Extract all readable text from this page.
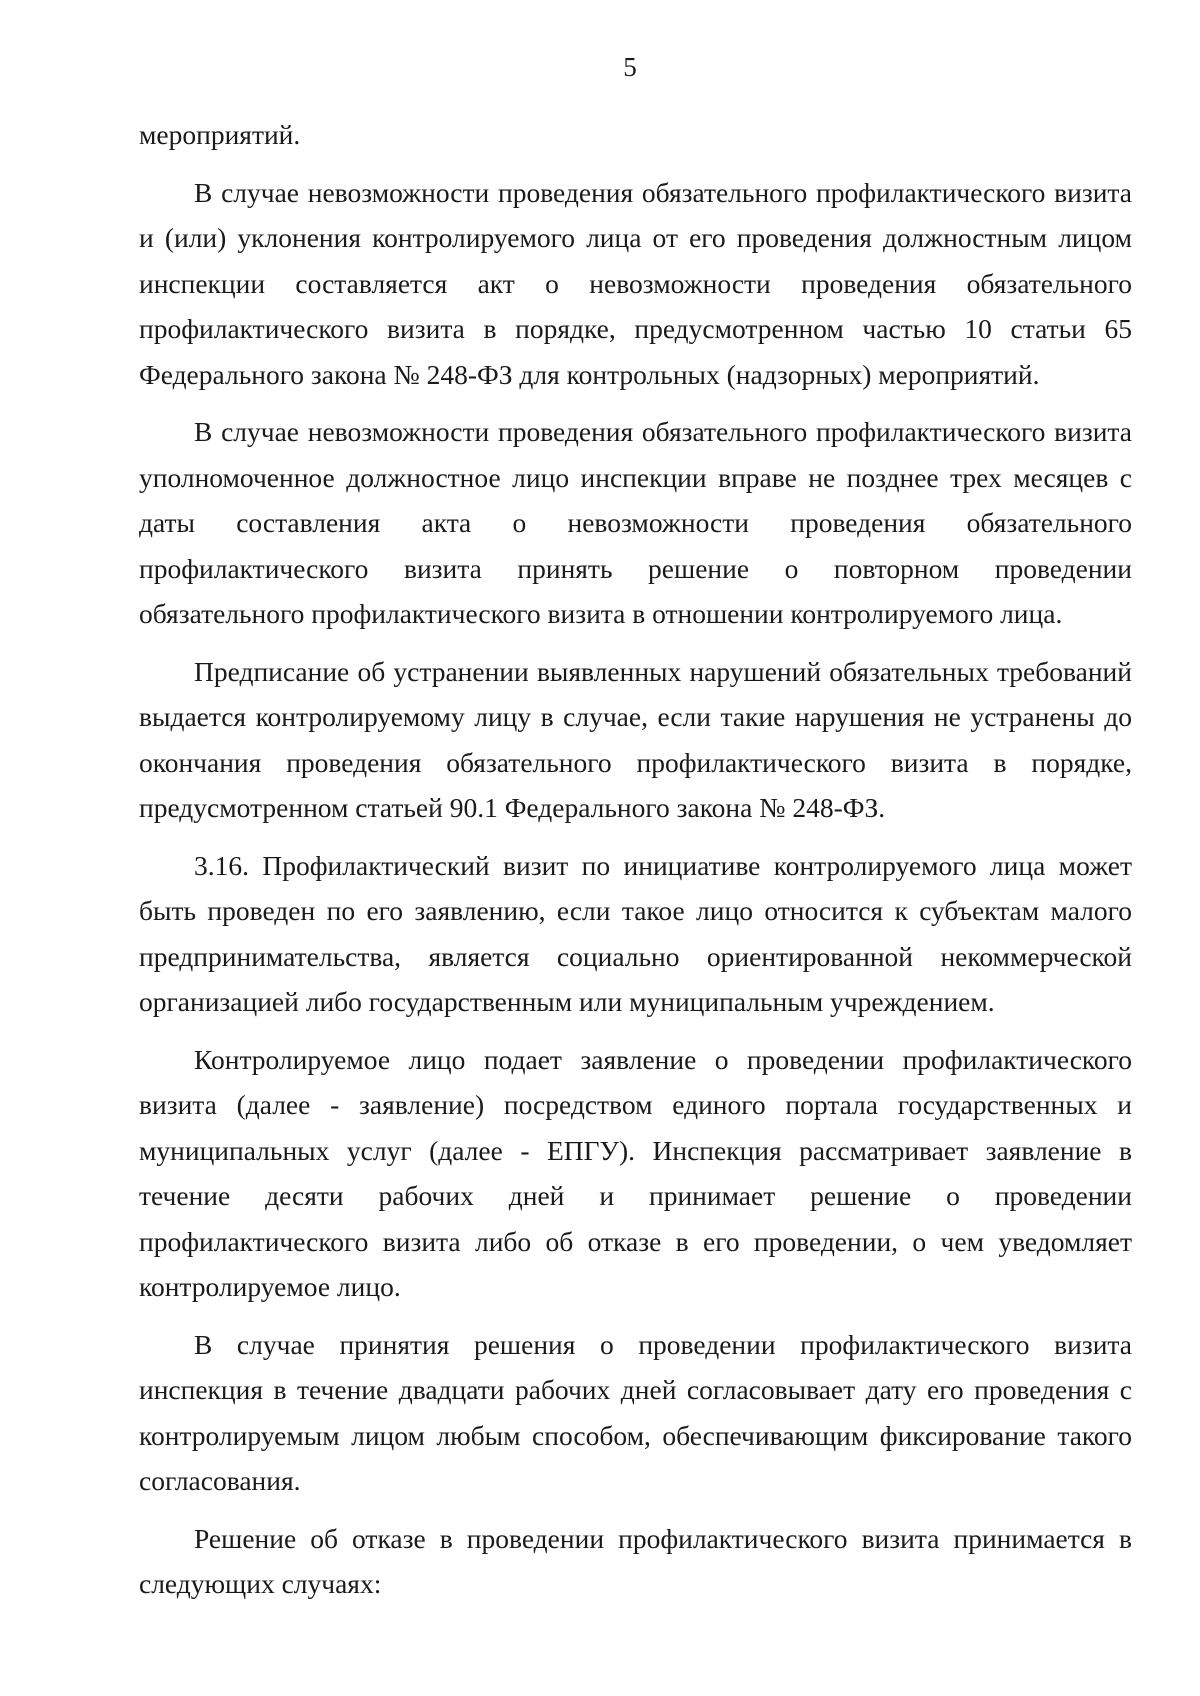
5

мероприятий.

В случае невозможности проведения обязательного профилактического визита и (или) уклонения контролируемого лица от его проведения должностным лицом инспекции составляется акт о невозможности проведения обязательного профилактического визита в порядке, предусмотренном частью 10 статьи 65 Федерального закона № 248-ФЗ для контрольных (надзорных) мероприятий.

В случае невозможности проведения обязательного профилактического визита уполномоченное должностное лицо инспекции вправе не позднее трех месяцев с даты составления акта о невозможности проведения обязательного профилактического визита принять решение о повторном проведении обязательного профилактического визита в отношении контролируемого лица.

Предписание об устранении выявленных нарушений обязательных требований выдается контролируемому лицу в случае, если такие нарушения не устранены до окончания проведения обязательного профилактического визита в порядке, предусмотренном статьей 90.1 Федерального закона № 248-ФЗ.

3.16. Профилактический визит по инициативе контролируемого лица может быть проведен по его заявлению, если такое лицо относится к субъектам малого предпринимательства, является социально ориентированной некоммерческой организацией либо государственным или муниципальным учреждением.

Контролируемое лицо подает заявление о проведении профилактического визита (далее - заявление) посредством единого портала государственных и муниципальных услуг (далее - ЕПГУ). Инспекция рассматривает заявление в течение десяти рабочих дней и принимает решение о проведении профилактического визита либо об отказе в его проведении, о чем уведомляет контролируемое лицо.

В случае принятия решения о проведении профилактического визита инспекция в течение двадцати рабочих дней согласовывает дату его проведения с контролируемым лицом любым способом, обеспечивающим фиксирование такого согласования.

Решение об отказе в проведении профилактического визита принимается в следующих случаях:
